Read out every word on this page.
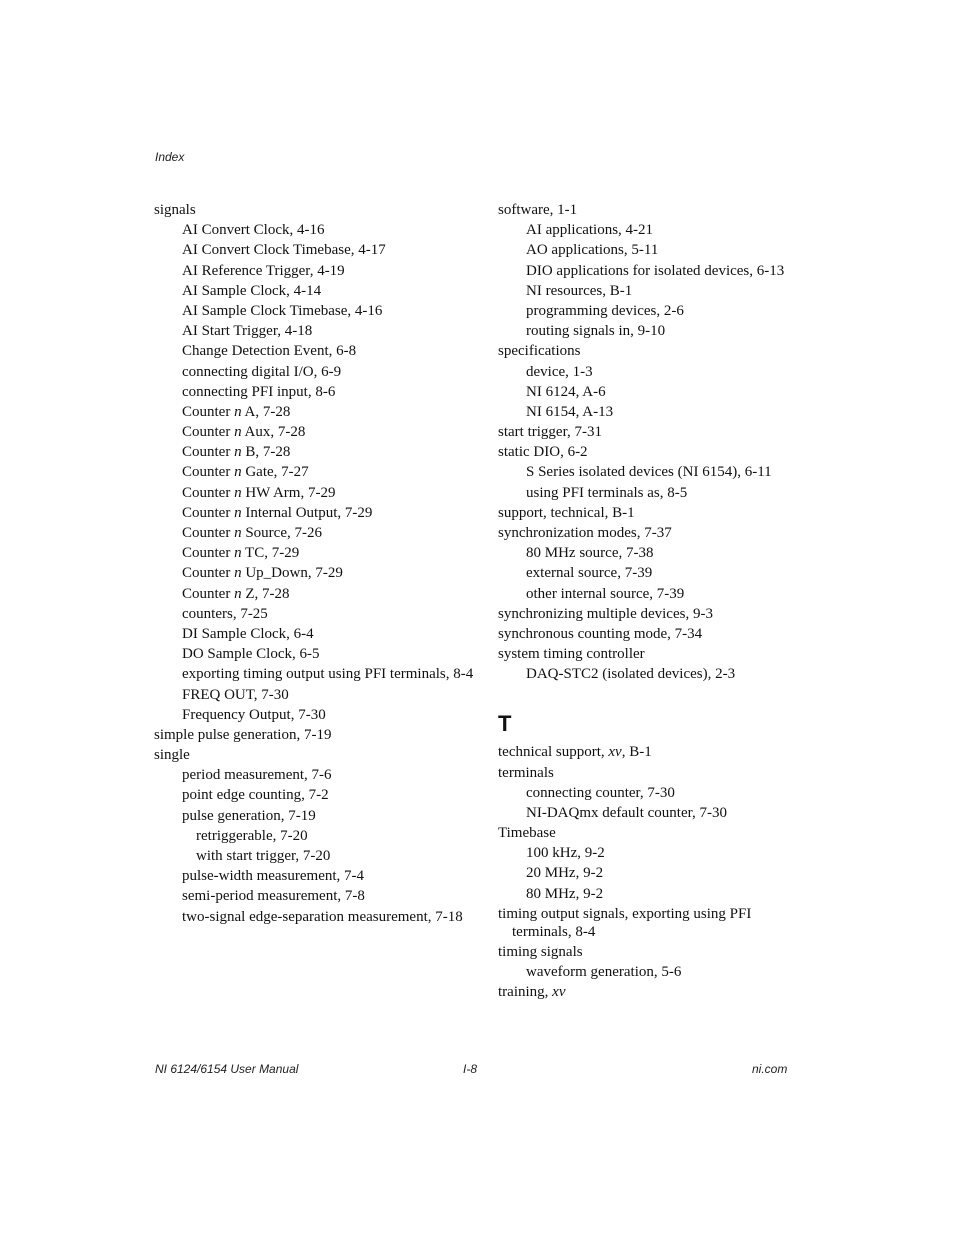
Index
signals
AI Convert Clock, 4-16
AI Convert Clock Timebase, 4-17
AI Reference Trigger, 4-19
AI Sample Clock, 4-14
AI Sample Clock Timebase, 4-16
AI Start Trigger, 4-18
Change Detection Event, 6-8
connecting digital I/O, 6-9
connecting PFI input, 8-6
Counter n A, 7-28
Counter n Aux, 7-28
Counter n B, 7-28
Counter n Gate, 7-27
Counter n HW Arm, 7-29
Counter n Internal Output, 7-29
Counter n Source, 7-26
Counter n TC, 7-29
Counter n Up_Down, 7-29
Counter n Z, 7-28
counters, 7-25
DI Sample Clock, 6-4
DO Sample Clock, 6-5
exporting timing output using PFI terminals, 8-4
FREQ OUT, 7-30
Frequency Output, 7-30
simple pulse generation, 7-19
single
period measurement, 7-6
point edge counting, 7-2
pulse generation, 7-19
retriggerable, 7-20
with start trigger, 7-20
pulse-width measurement, 7-4
semi-period measurement, 7-8
two-signal edge-separation measurement, 7-18
software, 1-1
AI applications, 4-21
AO applications, 5-11
DIO applications for isolated devices, 6-13
NI resources, B-1
programming devices, 2-6
routing signals in, 9-10
specifications
device, 1-3
NI 6124, A-6
NI 6154, A-13
start trigger, 7-31
static DIO, 6-2
S Series isolated devices (NI 6154), 6-11
using PFI terminals as, 8-5
support, technical, B-1
synchronization modes, 7-37
80 MHz source, 7-38
external source, 7-39
other internal source, 7-39
synchronizing multiple devices, 9-3
synchronous counting mode, 7-34
system timing controller
DAQ-STC2 (isolated devices), 2-3
T
technical support, xv, B-1
terminals
connecting counter, 7-30
NI-DAQmx default counter, 7-30
Timebase
100 kHz, 9-2
20 MHz, 9-2
80 MHz, 9-2
timing output signals, exporting using PFI terminals, 8-4
timing signals
waveform generation, 5-6
training, xv
NI 6124/6154 User Manual	I-8	ni.com
